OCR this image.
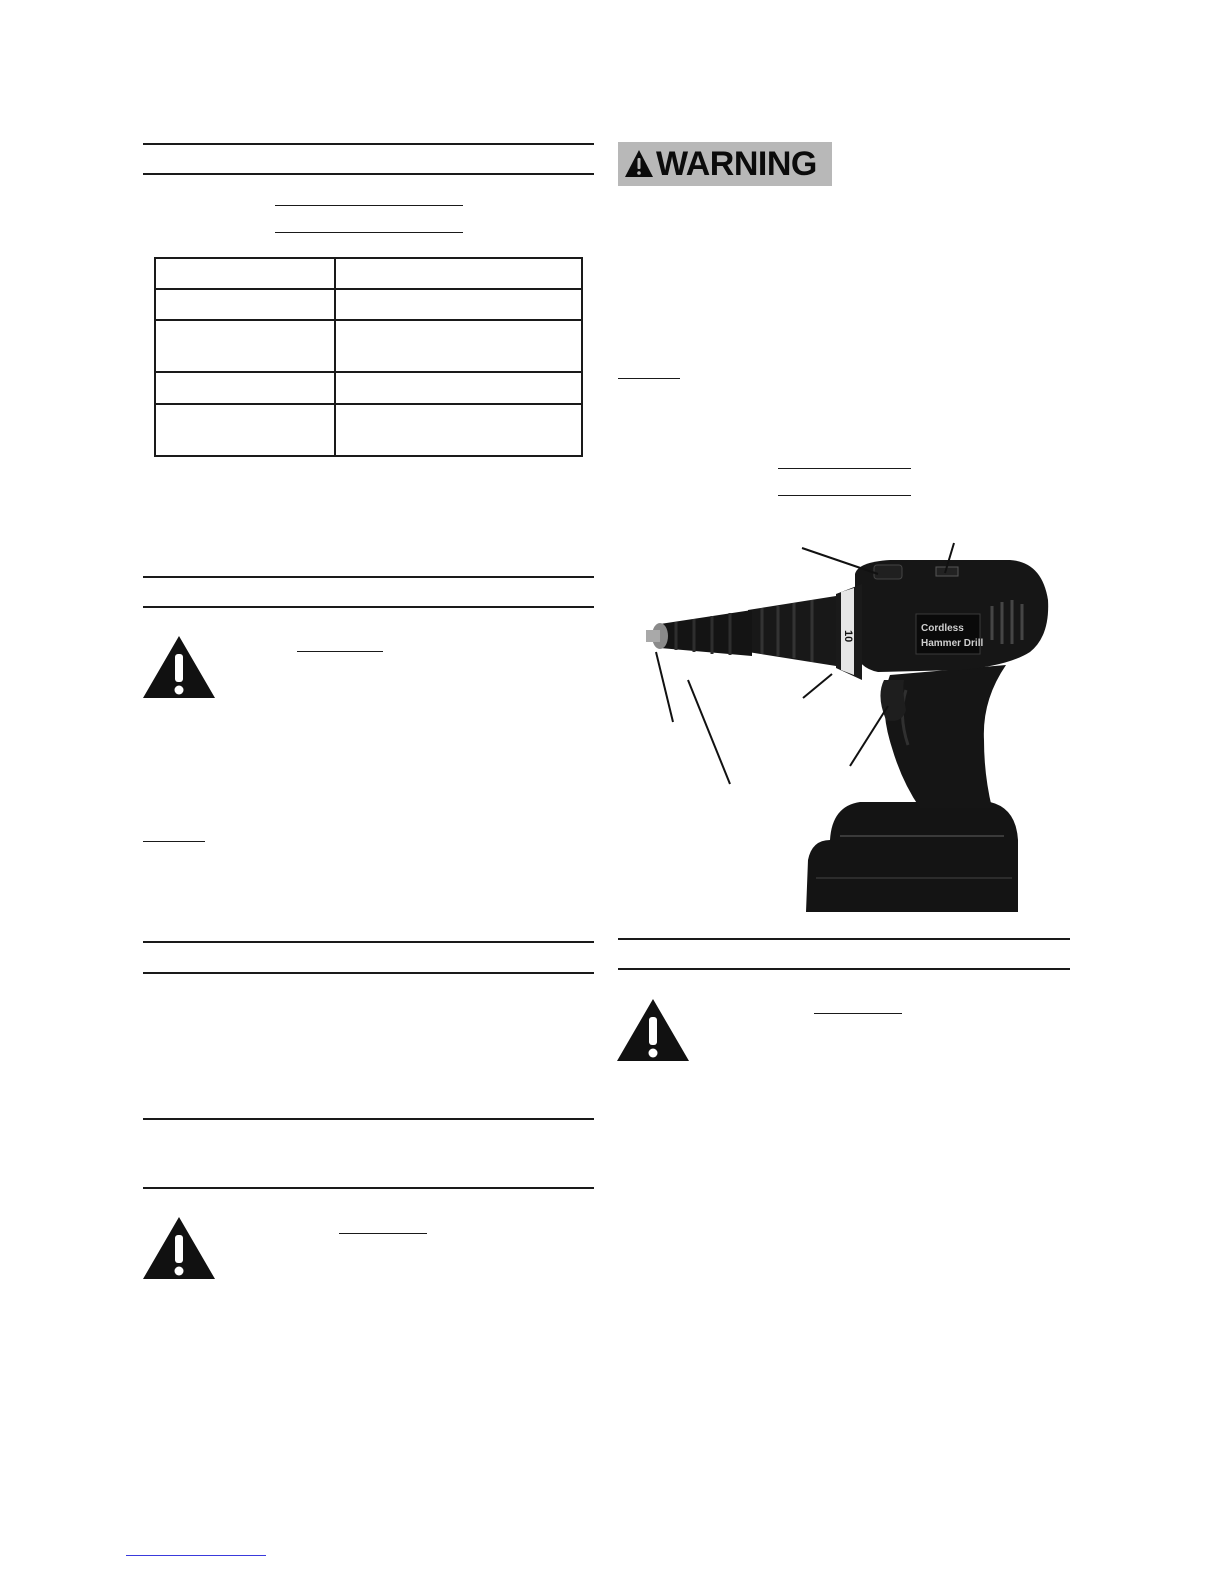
WARNING
Cordless
Hammer Drill
10
